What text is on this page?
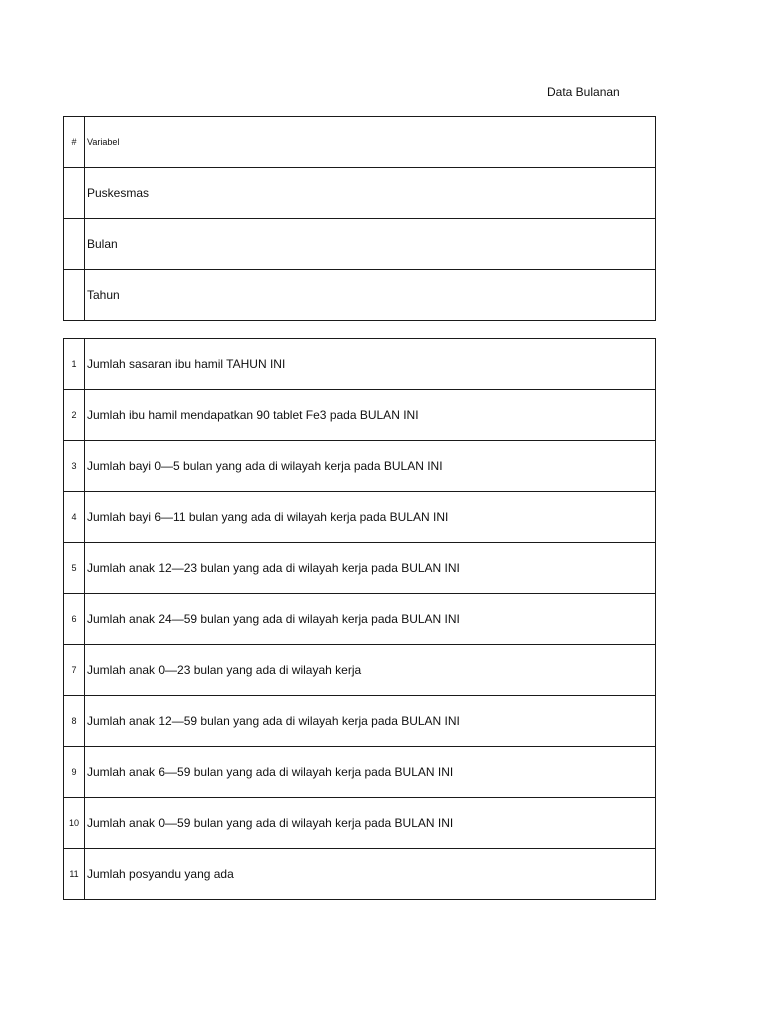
Data Bulanan
#	Variabel
	Puskesmas
	Bulan
	Tahun
1	Jumlah sasaran ibu hamil TAHUN INI
2	Jumlah ibu hamil mendapatkan 90 tablet Fe3 pada BULAN INI
3	Jumlah bayi 0—5 bulan yang ada di wilayah kerja pada BULAN INI
4	Jumlah bayi 6—11 bulan yang ada di wilayah kerja pada BULAN INI
5	Jumlah anak 12—23 bulan yang ada di wilayah kerja pada BULAN INI
6	Jumlah anak 24—59 bulan yang ada di wilayah kerja pada BULAN INI
7	Jumlah anak 0—23 bulan yang ada di wilayah kerja
8	Jumlah anak 12—59 bulan yang ada di wilayah kerja pada BULAN INI
9	Jumlah anak 6—59 bulan yang ada di wilayah kerja pada BULAN INI
10	Jumlah anak 0—59 bulan yang ada di wilayah kerja pada BULAN INI
11	Jumlah posyandu yang ada
